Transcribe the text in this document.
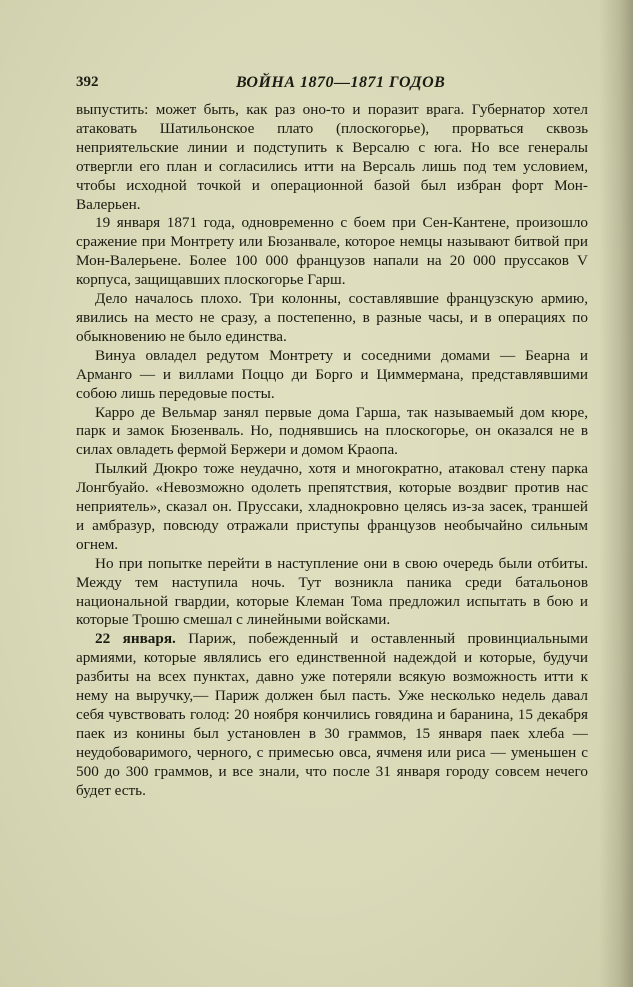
392	ВОЙНА 1870—1871 ГОДОВ

выпустить: может быть, как раз оно-то и поразит врага. Губернатор хотел атаковать Шатильонское плато (плоскогорье), прорваться сквозь неприятельские линии и подступить к Версалю с юга. Но все генералы отвергли его план и согласились итти на Версаль лишь под тем условием, чтобы исходной точкой и операционной базой был избран форт Мон-Валерьен.

19 января 1871 года, одновременно с боем при Сен-Кантене, произошло сражение при Монтрету или Бюзанвале, которое немцы называют битвой при Мон-Валерьене. Более 100 000 французов напали на 20 000 пруссаков V корпуса, защищавших плоскогорье Гарш.

Дело началось плохо. Три колонны, составлявшие французскую армию, явились на место не сразу, а постепенно, в разные часы, и в операциях по обыкновению не было единства.

Винуа овладел редутом Монтрету и соседними домами — Беарна и Арманго — и виллами Поццо ди Борго и Циммермана, представлявшими собою лишь передовые посты.

Карро де Вельмар занял первые дома Гарша, так называемый дом кюре, парк и замок Бюзенваль. Но, поднявшись на плоскогорье, он оказался не в силах овладеть фермой Бержери и домом Краопа.

Пылкий Дюкро тоже неудачно, хотя и многократно, атаковал стену парка Лонгбуайо. «Невозможно одолеть препятствия, которые воздвиг против нас неприятель», сказал он. Пруссаки, хладнокровно целясь из-за засек, траншей и амбразур, повсюду отражали приступы французов необычайно сильным огнем.

Но при попытке перейти в наступление они в свою очередь были отбиты. Между тем наступила ночь. Тут возникла паника среди батальонов национальной гвардии, которые Клеман Тома предложил испытать в бою и которые Трошю смешал с линейными войсками.

22 января. Париж, побежденный и оставленный провинциальными армиями, которые являлись его единственной надеждой и которые, будучи разбиты на всех пунктах, давно уже потеряли всякую возможность итти к нему на выручку,— Париж должен был пасть. Уже несколько недель давал себя чувствовать голод: 20 ноября кончились говядина и баранина, 15 декабря паек из конины был установлен в 30 граммов, 15 января паек хлеба — неудобоваримого, черного, с примесью овса, ячменя или риса — уменьшен с 500 до 300 граммов, и все знали, что после 31 января городу совсем нечего будет есть.
